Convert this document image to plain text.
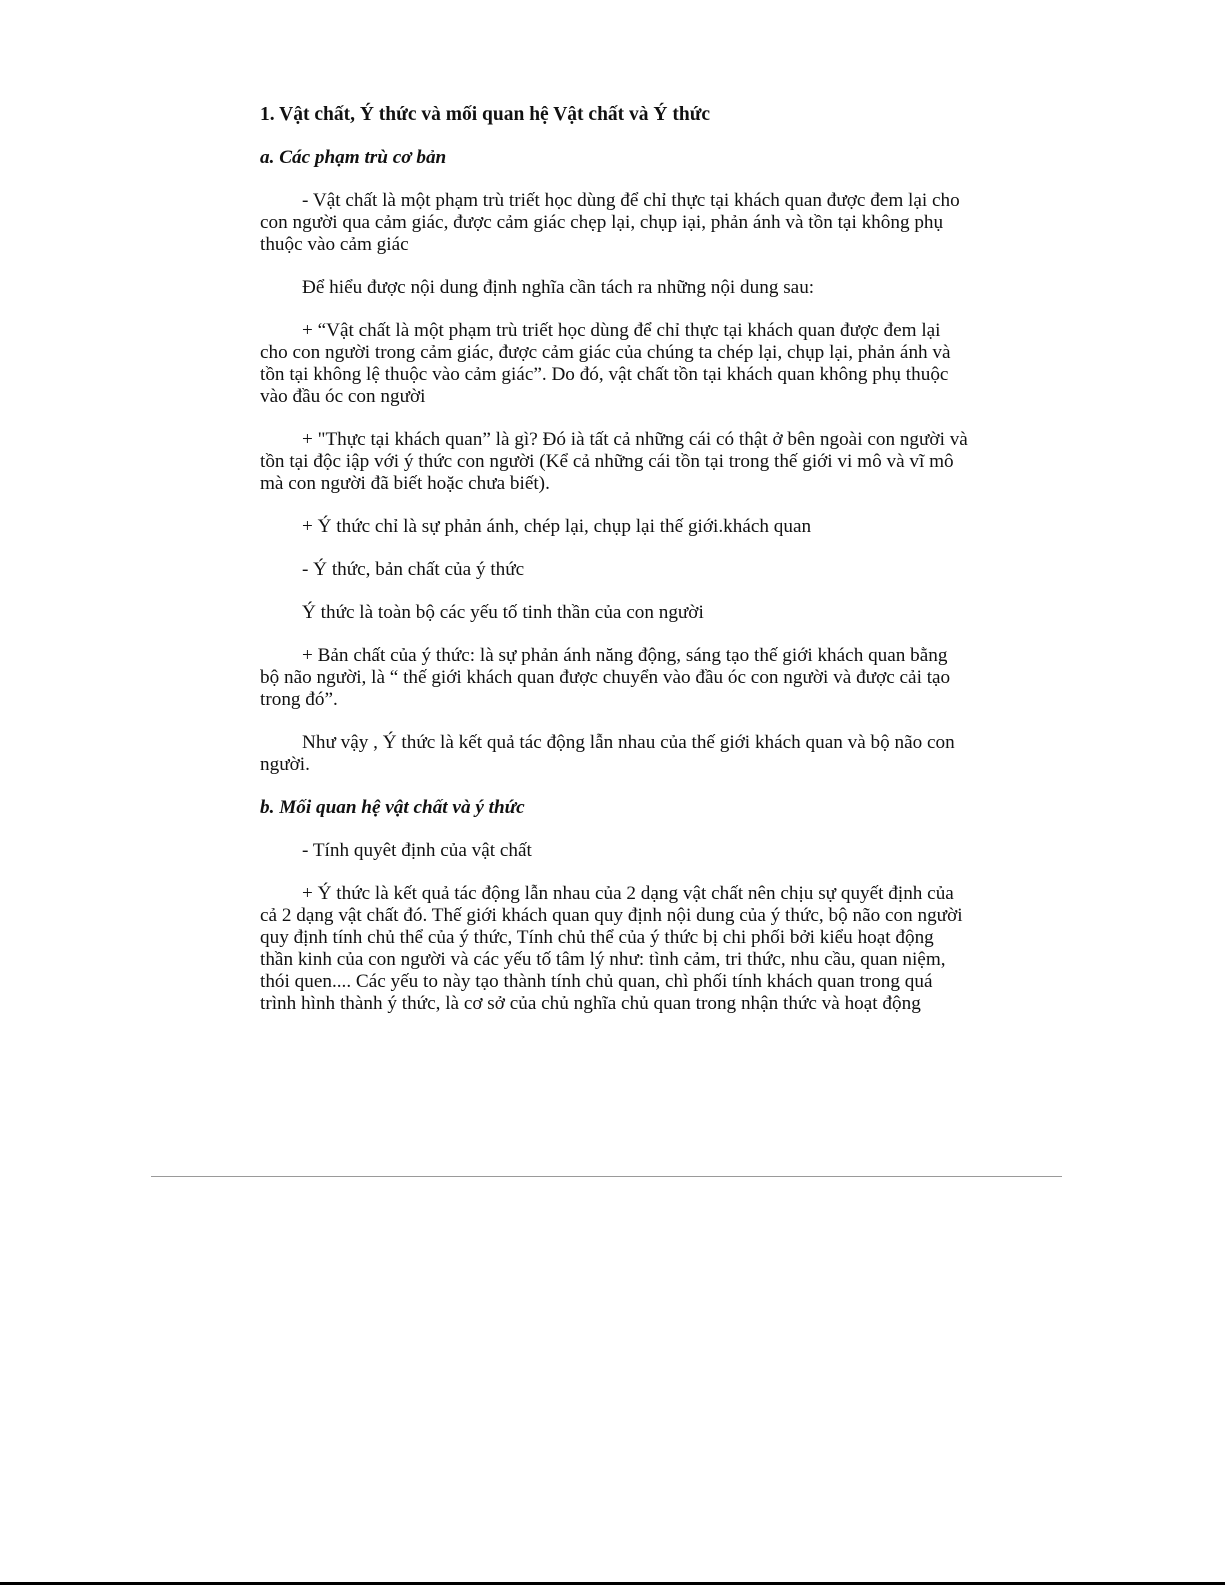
1. Vật chất, Ý thức và mối quan hệ Vật chất và Ý thức
a. Các phạm trù cơ bản
- Vật chất là một phạm trù triết học dùng để chỉ thực tại khách quan được đem lại cho con người qua cảm giác, được cảm giác chẹp lại, chụp iại, phản ánh và tồn tại không phụ thuộc vào cảm giác
Để hiểu được nội dung định nghĩa cần tách ra những nội dung sau:
+ “Vật chất là một phạm trù triết học dùng để chỉ thực tại khách quan được đem lại cho con người trong cảm giác, được cảm giác của chúng ta chép lại, chụp lại, phản ánh và tồn tại không lệ thuộc vào cảm giác”. Do đó, vật chất tồn tại khách quan không phụ thuộc vào đầu óc con người
+ "Thực tại khách quan” là gì? Đó ià tất cả những cái có thật ở bên ngoài con người và tồn tại độc iập với ý thức con người (Kể cả những cái tồn tại trong thế giới vi mô và vĩ mô mà con người đã biết hoặc chưa biết).
+ Ý thức chỉ là sự phản ánh, chép lại, chụp lại thế giới.khách quan
- Ý thức, bản chất của ý thức
Ý thức là toàn bộ các yếu tố tinh thần của con người
+ Bản chất của ý thức: là sự phản ánh năng động, sáng tạo thế giới khách quan bằng bộ não người, là “ thế giới khách quan được chuyển vào đầu óc con người và được cải tạo trong đó”.
Như vậy , Ý thức là kết quả tác động lẫn nhau của thế giới khách quan và bộ não con người.
b. Mối quan hệ vật chất và ý thức
- Tính quyêt định của vật chất
+ Ý thức là kết quả tác động lẫn nhau của 2 dạng vật chất nên chịu sự quyết định của cả 2 dạng vật chất đó. Thế giới khách quan quy định nội dung của ý thức, bộ não con người quy định tính chủ thể của ý thức, Tính chủ thể của ý thức bị chi phối bởi kiểu hoạt động thần kinh của con người và các yếu tố tâm lý như: tình cảm, tri thức, nhu cầu, quan niệm, thói quen.... Các yếu to này tạo thành tính chủ quan, chì phối tính khách quan trong quá trình hình thành ý thức, là cơ sở của chủ nghĩa chủ quan trong nhận thức và hoạt động
